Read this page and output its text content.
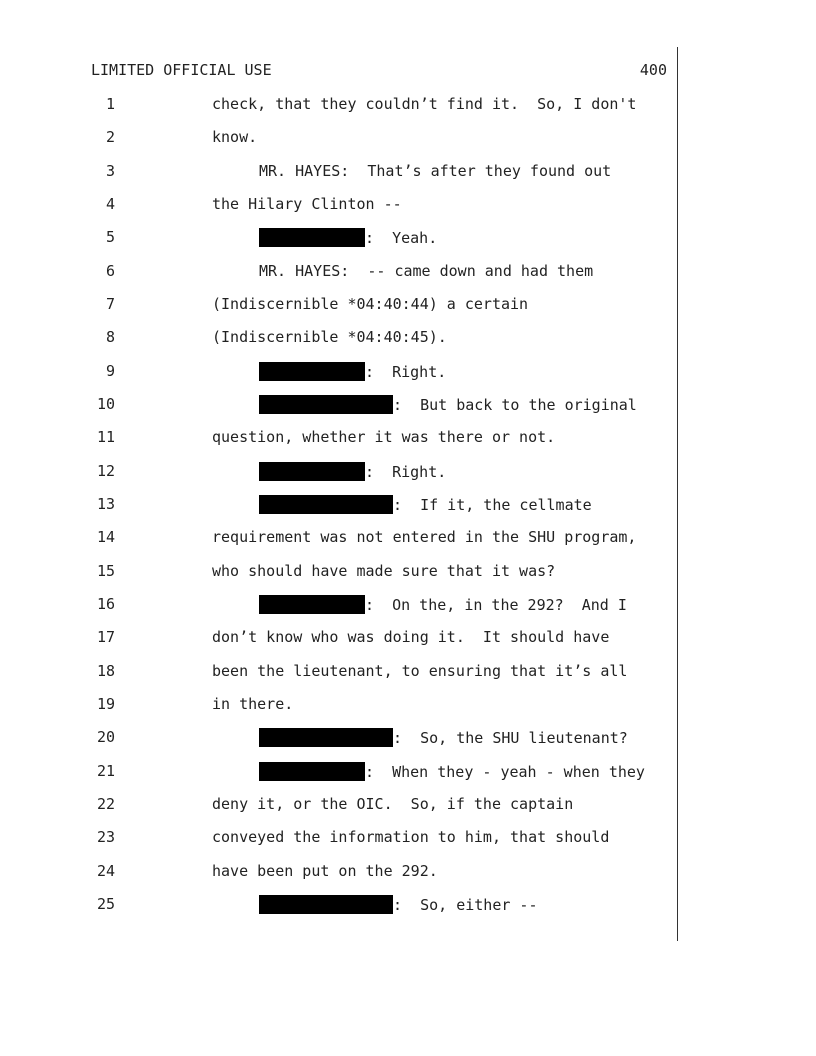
LIMITED OFFICIAL USE	400
1	check, that they couldn’t find it.  So, I don't
2	know.
3	MR. HAYES:  That’s after they found out
4	the Hilary Clinton --
5	:  Yeah.
6	MR. HAYES:  -- came down and had them
7	(Indiscernible *04:40:44) a certain
8	(Indiscernible *04:40:45).
9	:  Right.
10	:  But back to the original
11	question, whether it was there or not.
12	:  Right.
13	:  If it, the cellmate
14	requirement was not entered in the SHU program,
15	who should have made sure that it was?
16	:  On the, in the 292?  And I
17	don’t know who was doing it.  It should have
18	been the lieutenant, to ensuring that it’s all
19	in there.
20	:  So, the SHU lieutenant?
21	:  When they - yeah - when they
22	deny it, or the OIC.  So, if the captain
23	conveyed the information to him, that should
24	have been put on the 292.
25	:  So, either --
